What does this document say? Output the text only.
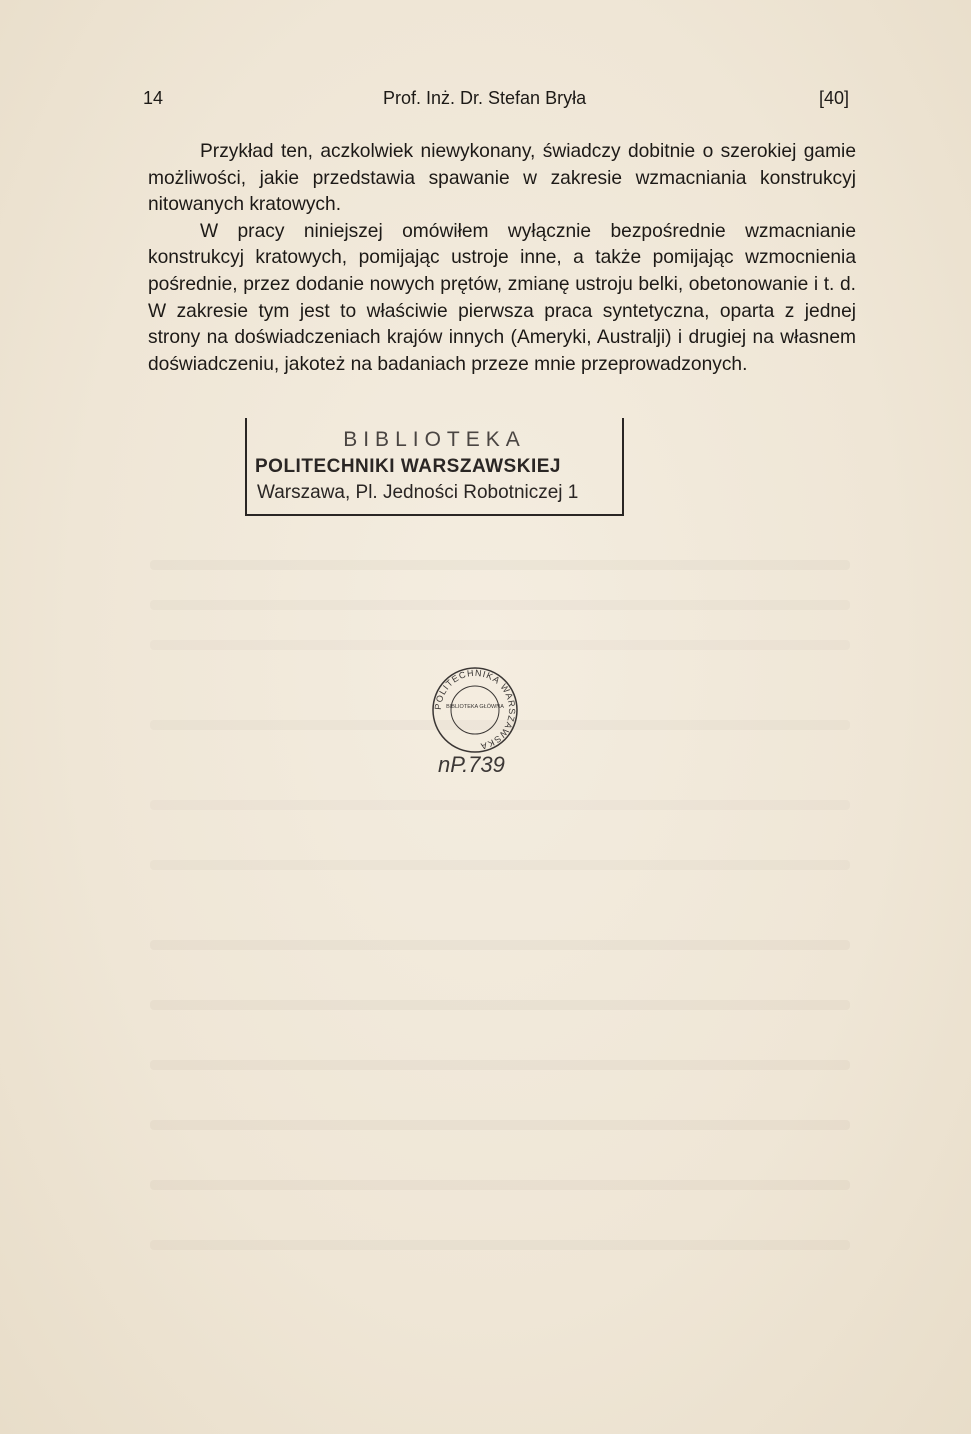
14	Prof. Inż. Dr. Stefan Bryła	[40]

Przykład ten, aczkolwiek niewykonany, świadczy dobitnie o szerokiej gamie możliwości, jakie przedstawia spawanie w zakresie wzmacniania konstrukcyj nitowanych kratowych.

W pracy niniejszej omówiłem wyłącznie bezpośrednie wzmacnianie konstrukcyj kratowych, pomijając ustroje inne, a także pomijając wzmocnienia pośrednie, przez dodanie nowych prętów, zmianę ustroju belki, obetonowanie i t. d. W zakresie tym jest to właściwie pierwsza praca syntetyczna, oparta z jednej strony na doświadczeniach krajów innych (Ameryki, Australji) i drugiej na własnem doświadczeniu, jakoteż na badaniach przeze mnie przeprowadzonych.

BIBLIOTEKA
POLITECHNIKI WARSZAWSKIEJ
Warszawa, Pl. Jedności Robotniczej 1
POLITECHNIKA WARSZAWSKA
BIBLIOTEKA GŁÓWNA
nP.739
